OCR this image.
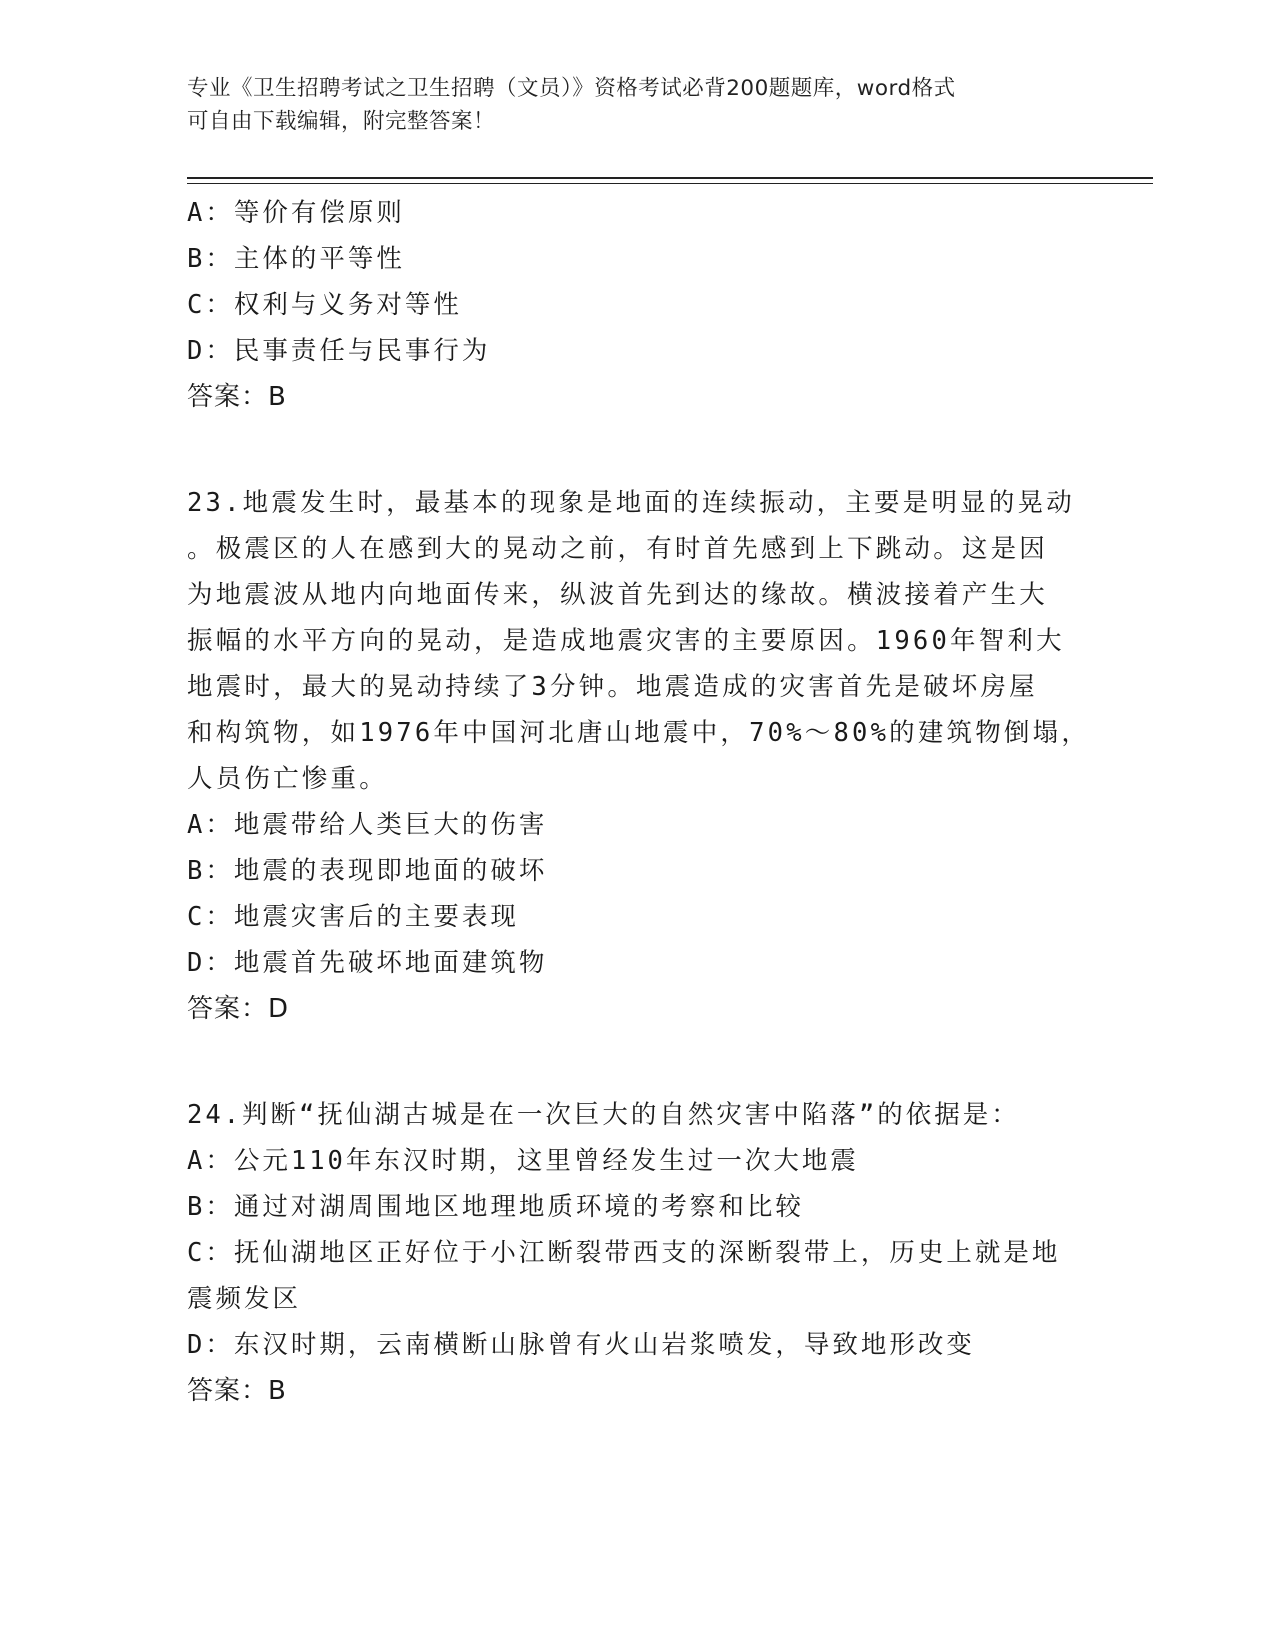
专业《卫生招聘考试之卫生招聘（文员）》资格考试必背200题题库，word格式
可自由下载编辑，附完整答案！
A：等价有偿原则
B：主体的平等性
C：权利与义务对等性
D：民事责任与民事行为
答案：B
23.地震发生时，最基本的现象是地面的连续振动，主要是明显的晃动
。极震区的人在感到大的晃动之前，有时首先感到上下跳动。这是因
为地震波从地内向地面传来，纵波首先到达的缘故。横波接着产生大
振幅的水平方向的晃动，是造成地震灾害的主要原因。1960年智利大
地震时，最大的晃动持续了3分钟。地震造成的灾害首先是破坏房屋
和构筑物，如1976年中国河北唐山地震中，70%～80%的建筑物倒塌，
人员伤亡惨重。
A：地震带给人类巨大的伤害
B：地震的表现即地面的破坏
C：地震灾害后的主要表现
D：地震首先破坏地面建筑物
答案：D
24.判断“抚仙湖古城是在一次巨大的自然灾害中陷落”的依据是：
A：公元110年东汉时期，这里曾经发生过一次大地震
B：通过对湖周围地区地理地质环境的考察和比较
C：抚仙湖地区正好位于小江断裂带西支的深断裂带上，历史上就是地
震频发区
D：东汉时期，云南横断山脉曾有火山岩浆喷发，导致地形改变
答案：B
